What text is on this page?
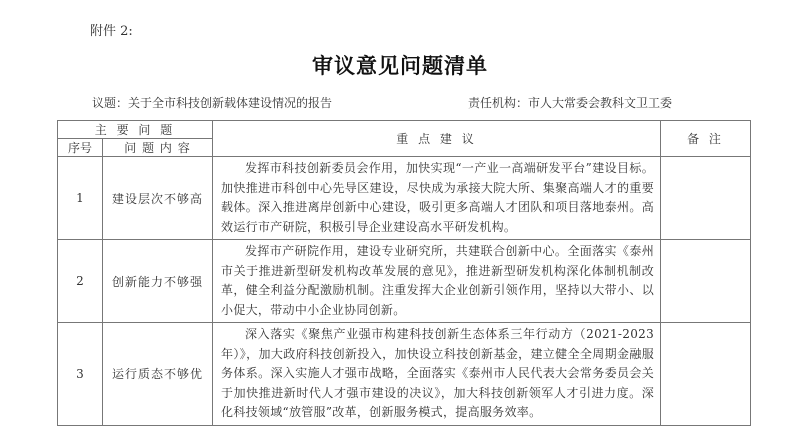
附件 2:
审议意见问题清单
议题：关于全市科技创新载体建设情况的报告	责任机构：市人大常委会教科文卫工委
主 要 问 题		重 点 建 议	备 注
序号	问 题 内 容		
1	建设层次不够高	发挥市科技创新委员会作用，加快实现“一产业一高端研发平台”建设目标。加快推进市科创中心先导区建设，尽快成为承接大院大所、集聚高端人才的重要载体。深入推进离岸创新中心建设，吸引更多高端人才团队和项目落地泰州。高效运行市产研院，积极引导企业建设高水平研发机构。	
2	创新能力不够强	发挥市产研院作用，建设专业研究所，共建联合创新中心。全面落实《泰州市关于推进新型研发机构改革发展的意见》，推进新型研发机构深化体制机制改革，健全利益分配激励机制。注重发挥大企业创新引领作用，坚持以大带小、以小促大，带动中小企业协同创新。	
3	运行质态不够优	深入落实《聚焦产业强市构建科技创新生态体系三年行动方（2021-2023年）》，加大政府科技创新投入，加快设立科技创新基金，建立健全全周期金融服务体系。深入实施人才强市战略，全面落实《泰州市人民代表大会常务委员会关于加快推进新时代人才强市建设的决议》，加大科技创新领军人才引进力度。深化科技领域“放管服”改革，创新服务模式，提高服务效率。	
